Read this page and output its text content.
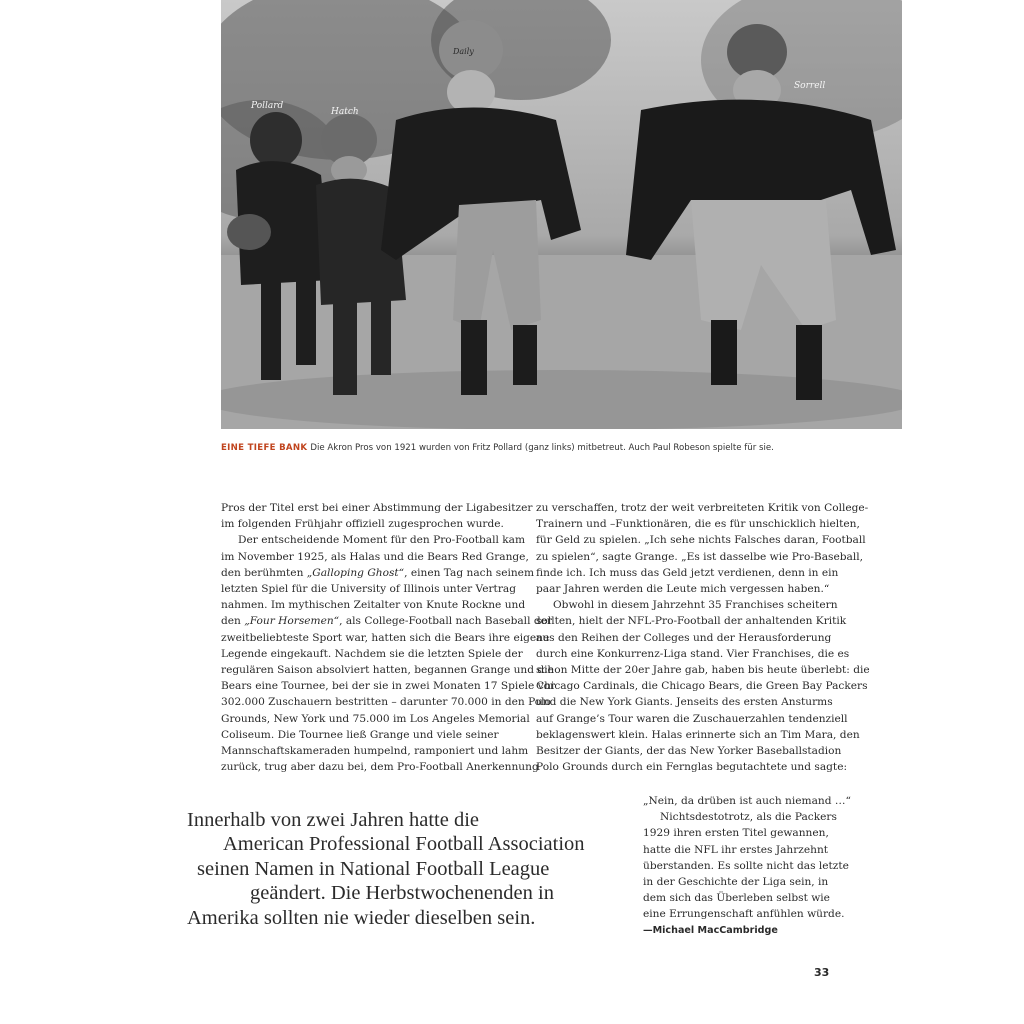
Pollard
Hatch
Daily
Sorrell
EINE TIEFE BANK Die Akron Pros von 1921 wurden von Fritz Pollard (ganz links) mitbetreut. Auch Paul Robeson spielte für sie.

Pros der Titel erst bei einer Abstimmung der Ligabesitzer

im folgenden Frühjahr offiziell zugesprochen wurde.

Der entscheidende Moment für den Pro-Football kam

im November 1925, als Halas und die Bears Red Grange,

den berühmten „Galloping Ghost“, einen Tag nach seinem

letzten Spiel für die University of Illinois unter Vertrag

nahmen. Im mythischen Zeitalter von Knute Rockne und

den „Four Horsemen“, als College-Football nach Baseball der

zweitbeliebteste Sport war, hatten sich die Bears ihre eigene

Legende eingekauft. Nachdem sie die letzten Spiele der

regulären Saison absolviert hatten, begannen Grange und die

Bears eine Tournee, bei der sie in zwei Monaten 17 Spiele vor

302.000 Zuschauern bestritten – darunter 70.000 in den Polo

Grounds, New York und 75.000 im Los Angeles Memorial

Coliseum. Die Tournee ließ Grange und viele seiner

Mannschaftskameraden humpelnd, ramponiert und lahm

zurück, trug aber dazu bei, dem Pro-Football Anerkennung

zu verschaffen, trotz der weit verbreiteten Kritik von College-

Trainern und –Funktionären, die es für unschicklich hielten,

für Geld zu spielen. „Ich sehe nichts Falsches daran, Football

zu spielen“, sagte Grange. „Es ist dasselbe wie Pro-Baseball,

finde ich. Ich muss das Geld jetzt verdienen, denn in ein

paar Jahren werden die Leute mich vergessen haben.“

Obwohl in diesem Jahrzehnt 35 Franchises scheitern

sollten, hielt der NFL-Pro-Football der anhaltenden Kritik

aus den Reihen der Colleges und der Herausforderung

durch eine Konkurrenz-Liga stand. Vier Franchises, die es

schon Mitte der 20er Jahre gab, haben bis heute überlebt: die

Chicago Cardinals, die Chicago Bears, die Green Bay Packers

und die New York Giants. Jenseits des ersten Ansturms

auf Grange’s Tour waren die Zuschauerzahlen tendenziell

beklagenswert klein. Halas erinnerte sich an Tim Mara, den

Besitzer der Giants, der das New Yorker Baseballstadion

Polo Grounds durch ein Fernglas begutachtete und sagte:

„Nein, da drüben ist auch niemand …“

Nichtsdestotrotz, als die Packers

1929 ihren ersten Titel gewannen,

hatte die NFL ihr erstes Jahrzehnt

überstanden. Es sollte nicht das letzte

in der Geschichte der Liga sein, in

dem sich das Überleben selbst wie

eine Errungenschaft anfühlen würde.

—Michael MacCambridge
Innerhalb von zwei Jahren hatte die
American Professional Football Association
seinen Namen in National Football League
geändert. Die Herbstwochenenden in
Amerika sollten nie wieder dieselben sein.
33
